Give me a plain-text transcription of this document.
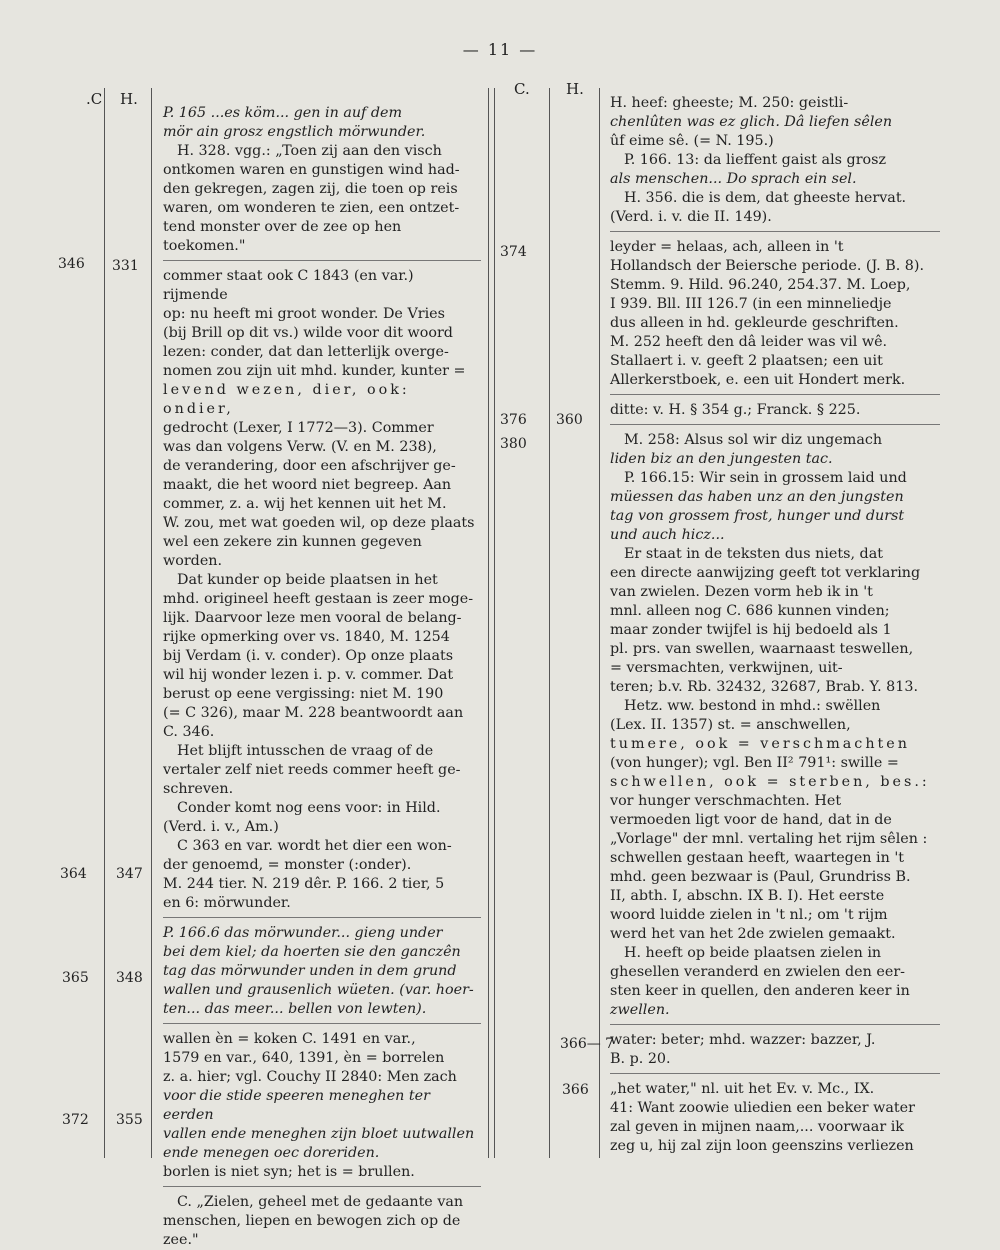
— 11 —
.C H.
346 331
364 347
365 348
372 355

P. 165 ...es köm... gen in auf dem

mör ain grosz engstlich mörwunder.

H. 328. vgg.: „Toen zij aan den visch

ontkomen waren en gunstigen wind had-

den gekregen, zagen zij, die toen op reis

waren, om wonderen te zien, een ontzet-

tend monster over de zee op hen toekomen."

commer staat ook C 1843 (en var.) rijmende

op: nu heeft mi groot wonder. De Vries

(bij Brill op dit vs.) wilde voor dit woord

lezen: conder, dat dan letterlijk overge-

nomen zou zijn uit mhd. kunder, kunter =

levend wezen, dier, ook: ondier,

gedrocht (Lexer, I 1772—3). Commer

was dan volgens Verw. (V. en M. 238),

de verandering, door een afschrijver ge-

maakt, die het woord niet begreep. Aan

commer, z. a. wij het kennen uit het M.

W. zou, met wat goeden wil, op deze plaats

wel een zekere zin kunnen gegeven worden.

Dat kunder op beide plaatsen in het

mhd. origineel heeft gestaan is zeer moge-

lijk. Daarvoor leze men vooral de belang-

rijke opmerking over vs. 1840, M. 1254

bij Verdam (i. v. conder). Op onze plaats

wil hij wonder lezen i. p. v. commer. Dat

berust op eene vergissing: niet M. 190

(= C 326), maar M. 228 beantwoordt aan

C. 346.

Het blijft intusschen de vraag of de

vertaler zelf niet reeds commer heeft ge-

schreven.

Conder komt nog eens voor: in Hild.

(Verd. i. v., Am.)

C 363 en var. wordt het dier een won-

der genoemd, = monster (:onder).

M. 244 tier. N. 219 dêr. P. 166. 2 tier, 5

en 6: mörwunder.

P. 166.6 das mörwunder... gieng under

bei dem kiel; da hoerten sie den ganczên

tag das mörwunder unden in dem grund

wallen und grausenlich wüeten. (var. hoer-

ten... das meer... bellen von lewten).

wallen èn = koken C. 1491 en var.,

1579 en var., 640, 1391, èn = borrelen

z. a. hier; vgl. Couchy II 2840: Men zach

voor die stide speeren meneghen ter eerden

vallen ende meneghen zijn bloet uutwallen

ende menegen oec doreriden.

borlen is niet syn; het is = brullen.

C. „Zielen, geheel met de gedaante van

menschen, liepen en bewogen zich op de

zee."

C. H.
374
376 360
380
366— 7
366

H. heef: gheeste; M. 250: geistli-

chenlûten was ez glich. Dâ liefen sêlen

ûf eime sê. (= N. 195.)

P. 166. 13: da lieffent gaist als grosz

als menschen... Do sprach ein sel.

H. 356. die is dem, dat gheeste hervat.

(Verd. i. v. die II. 149).

leyder = helaas, ach, alleen in 't

Hollandsch der Beiersche periode. (J. B. 8).

Stemm. 9. Hild. 96.240, 254.37. M. Loep,

I 939. Bll. III 126.7 (in een minneliedje

dus alleen in hd. gekleurde geschriften.

M. 252 heeft den dâ leider was vil wê.

Stallaert i. v. geeft 2 plaatsen; een uit

Allerkerstboek, e. een uit Hondert merk.

ditte: v. H. § 354 g.; Franck. § 225.

M. 258: Alsus sol wir diz ungemach

liden biz an den jungesten tac.

P. 166.15: Wir sein in grossem laid und

müessen das haben unz an den jungsten

tag von grossem frost, hunger und durst

und auch hicz...

Er staat in de teksten dus niets, dat

een directe aanwijzing geeft tot verklaring

van zwielen. Dezen vorm heb ik in 't

mnl. alleen nog C. 686 kunnen vinden;

maar zonder twijfel is hij bedoeld als 1

pl. prs. van swellen, waarnaast teswellen,

= versmachten, verkwijnen, uit-

teren; b.v. Rb. 32432, 32687, Brab. Y. 813.

Hetz. ww. bestond in mhd.: swëllen

(Lex. II. 1357) st. = anschwellen,

tumere, ook = verschmachten

(von hunger); vgl. Ben II² 791¹: swille =

schwellen, ook = sterben, bes.:

vor hunger verschmachten. Het

vermoeden ligt voor de hand, dat in de

„Vorlage" der mnl. vertaling het rijm sêlen :

schwellen gestaan heeft, waartegen in 't

mhd. geen bezwaar is (Paul, Grundriss B.

II, abth. I, abschn. IX B. I). Het eerste

woord luidde zielen in 't nl.; om 't rijm

werd het van het 2de zwielen gemaakt.

H. heeft op beide plaatsen zielen in

ghesellen veranderd en zwielen den eer-

sten keer in quellen, den anderen keer in

zwellen.

water: beter; mhd. wazzer: bazzer, J.

B. p. 20.

„het water," nl. uit het Ev. v. Mc., IX.

41: Want zoowie uliedien een beker water

zal geven in mijnen naam,... voorwaar ik

zeg u, hij zal zijn loon geenszins verliezen
